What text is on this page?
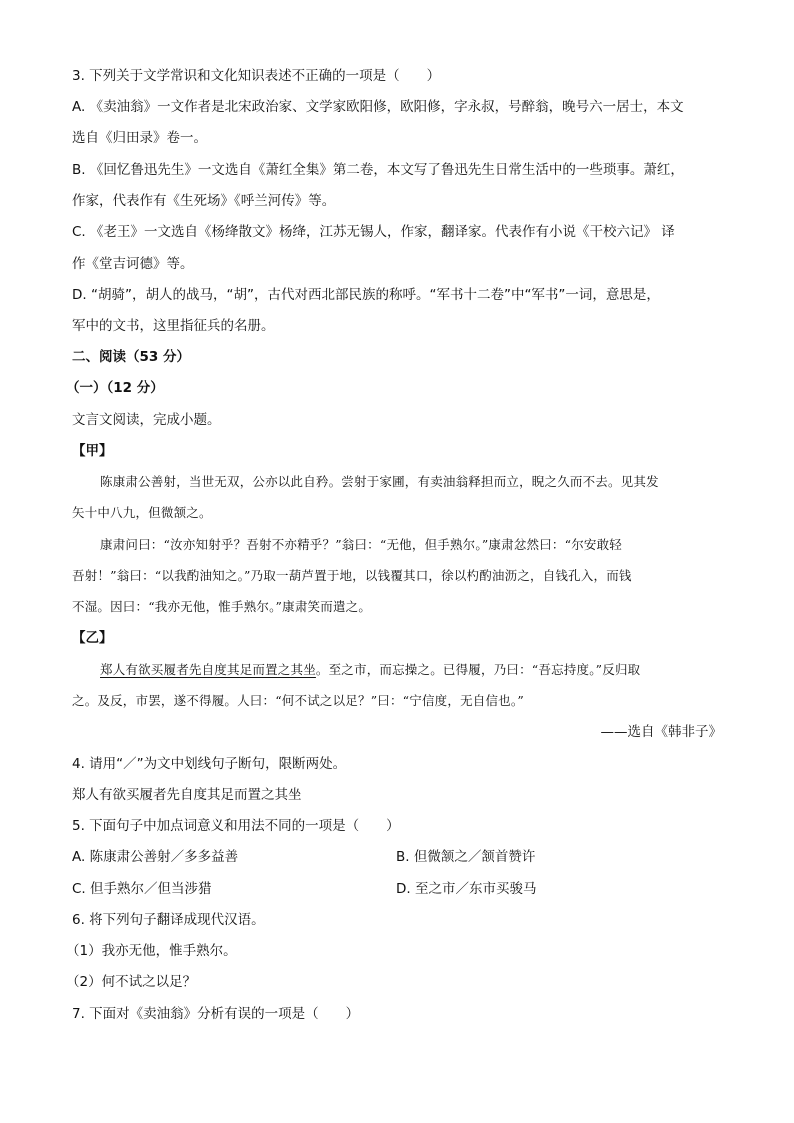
3. 下列关于文学常识和文化知识表述不正确的一项是（　　）
A. 《卖油翁》一文作者是北宋政治家、文学家欧阳修，欧阳修，字永叔，号醉翁，晚号六一居士，本文
选自《归田录》卷一。
B. 《回忆鲁迅先生》一文选自《萧红全集》第二卷，本文写了鲁迅先生日常生活中的一些琐事。萧红，
作家，代表作有《生死场》《呼兰河传》等。
C. 《老王》一文选自《杨绛散文》杨绛，江苏无锡人，作家，翻译家。代表作有小说《干校六记》 译
作《堂吉诃德》等。
D. “胡骑”，胡人的战马，“胡”，古代对西北部民族的称呼。“军书十二卷”中“军书”一词，意思是，
军中的文书，这里指征兵的名册。
二、阅读（53 分）
（一）（12 分）
文言文阅读，完成小题。
【甲】
陈康肃公善射，当世无双，公亦以此自矜。尝射于家圃，有卖油翁释担而立，睨之久而不去。见其发
矢十中八九，但微颔之。
康肃问曰：“汝亦知射乎？吾射不亦精乎？”翁曰：“无他，但手熟尔。”康肃忿然曰：“尔安敢轻
吾射！”翁曰：“以我酌油知之。”乃取一葫芦置于地，以钱覆其口，徐以杓酌油沥之，自钱孔入，而钱
不湿。因曰：“我亦无他，惟手熟尔。”康肃笑而遣之。
【乙】
郑人有欲买履者先自度其足而置之其坐。至之市，而忘操之。已得履，乃曰：“吾忘持度。”反归取
之。及反，市罢，遂不得履。人曰：“何不试之以足？”曰：“宁信度，无自信也。”
——选自《韩非子》
4. 请用“／”为文中划线句子断句，限断两处。
郑人有欲买履者先自度其足而置之其坐
5. 下面句子中加点词意义和用法不同的一项是（　　）
A. 陈康肃公善射／多多益善	B. 但微颔之／颔首赞许
C. 但手熟尔／但当涉猎	D. 至之市／东市买骏马
6. 将下列句子翻译成现代汉语。
（1）我亦无他，惟手熟尔。
（2）何不试之以足？
7. 下面对《卖油翁》分析有误的一项是（　　）
